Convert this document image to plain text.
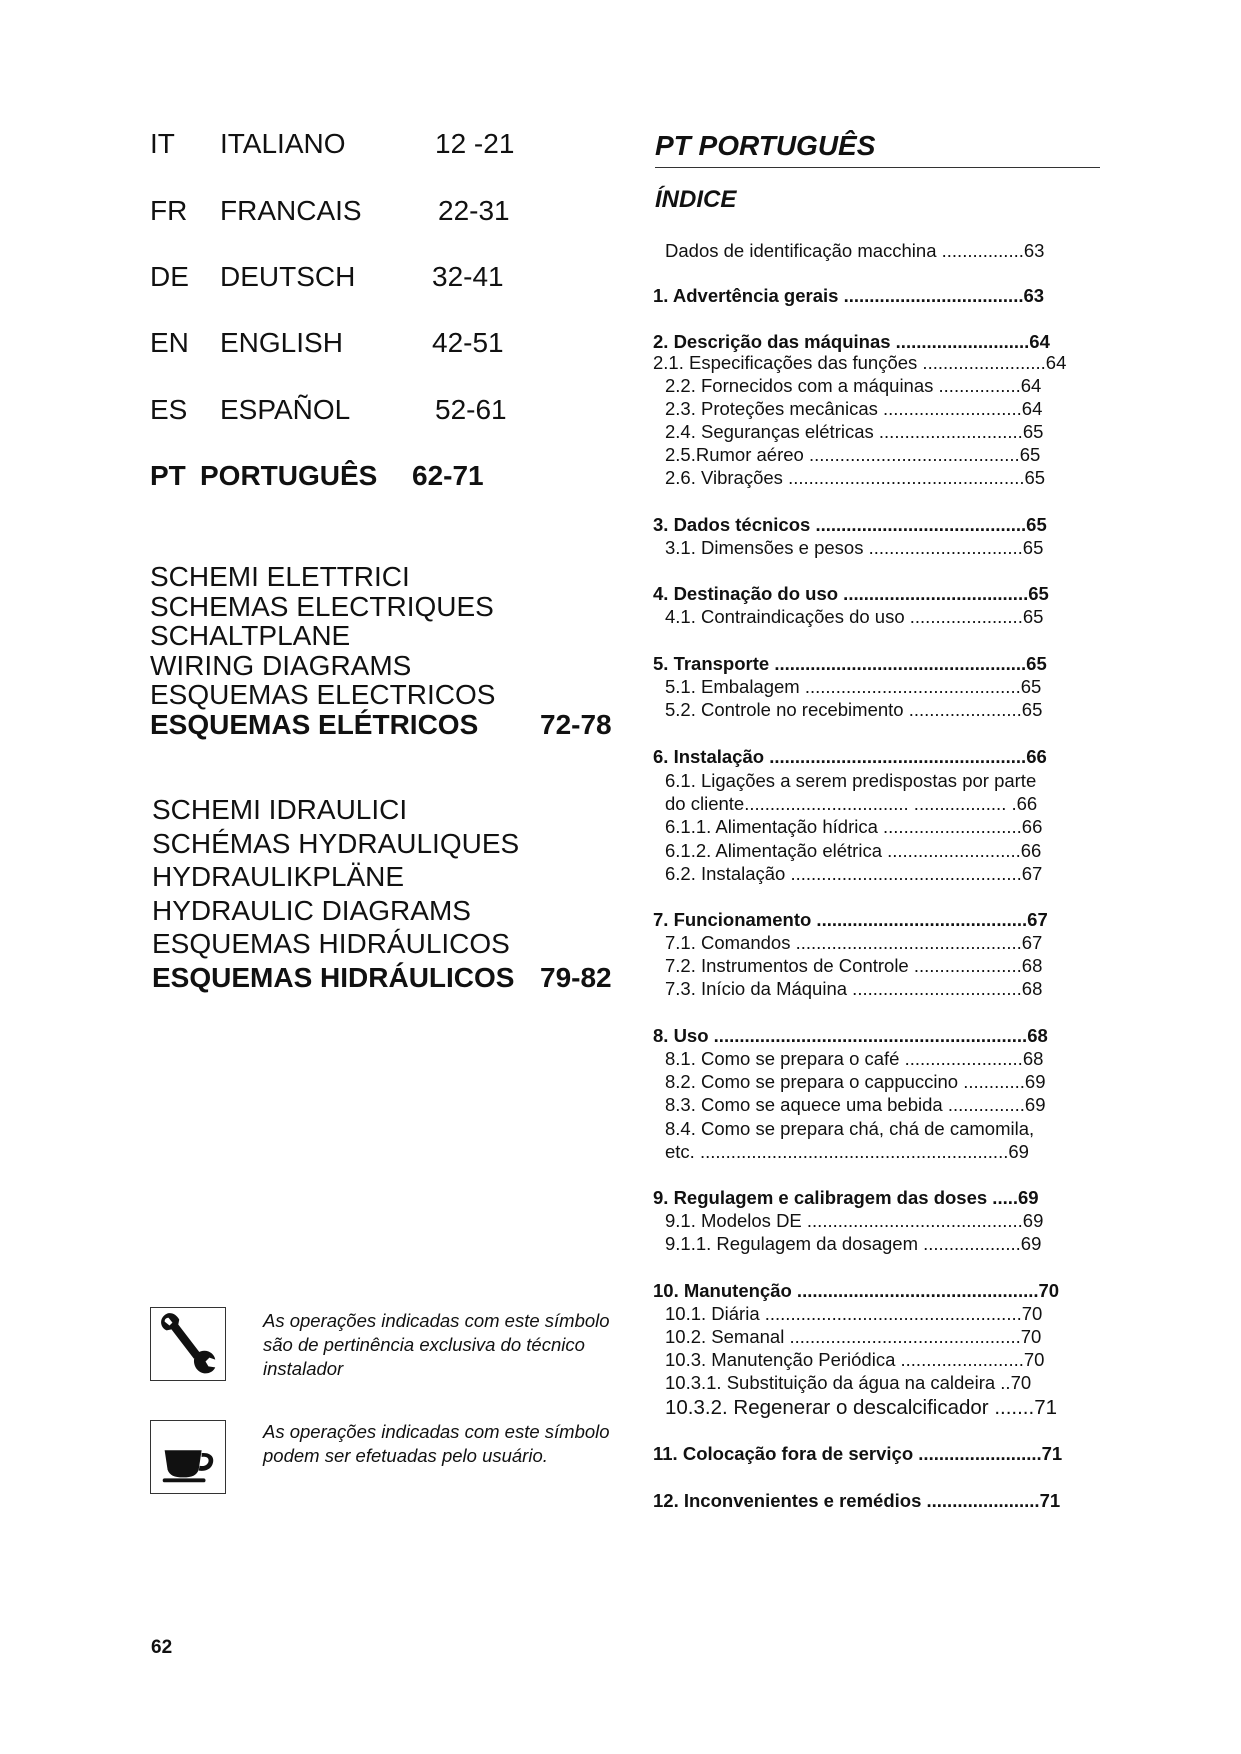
IT ITALIANO	12 -21
FR FRANCAIS	22-31
DE DEUTSCH	32-41
EN ENGLISH	42-51
ES ESPAÑOL	52-61
PT PORTUGUÊS 62-71
SCHEMI ELETTRICI
SCHEMAS ELECTRIQUES
SCHALTPLANE
WIRING DIAGRAMS
ESQUEMAS ELECTRICOS
ESQUEMAS ELÉTRICOS 72-78
SCHEMI IDRAULICI
SCHÉMAS HYDRAULIQUES
HYDRAULIKPLÄNE
HYDRAULIC DIAGRAMS
ESQUEMAS HIDRÁULICOS
ESQUEMAS HIDRÁULICOS 79-82
As operações indicadas com este símbolo
são de pertinência exclusiva do técnico
instalador
As operações indicadas com este símbolo
podem ser efetuadas pelo usuário.
PT PORTUGUÊS
ÍNDICE
Dados de identificação macchina ................63
1. Advertência gerais ...................................63
2. Descrição das máquinas ..........................64
2.1. Especificações das funções ........................64
2.2. Fornecidos com a máquinas ................64
2.3. Proteções mecânicas ...........................64
2.4. Seguranças elétricas ............................65
2.5.Rumor aéreo .........................................65
2.6. Vibrações ..............................................65
3. Dados técnicos .........................................65
3.1. Dimensões e pesos ..............................65
4. Destinação do uso ....................................65
4.1. Contraindicações do uso ......................65
5. Transporte .................................................65
5.1. Embalagem ..........................................65
5.2. Controle no recebimento ......................65
6. Instalação ..................................................66
6.1. Ligações a serem predispostas por parte
do cliente................................ .................. .66
6.1.1. Alimentação hídrica ...........................66
6.1.2. Alimentação elétrica ..........................66
6.2. Instalação .............................................67
7. Funcionamento .........................................67
7.1. Comandos ............................................67
7.2. Instrumentos de Controle .....................68
7.3. Início da Máquina .................................68
8. Uso .............................................................68
8.1. Como se prepara o café .......................68
8.2. Como se prepara o cappuccino ............69
8.3. Como se aquece uma bebida ...............69
8.4. Como se prepara chá, chá de camomila,
etc. ............................................................69
9. Regulagem e calibragem das doses .....69
9.1. Modelos DE ..........................................69
9.1.1. Regulagem da dosagem ...................69
10. Manutenção ...............................................70
10.1. Diária ..................................................70
10.2. Semanal .............................................70
10.3. Manutenção Periódica ........................70
10.3.1. Substituição da água na caldeira ..70
10.3.2. Regenerar o descalcificador .......71
11. Colocação fora de serviço ........................71
12. Inconvenientes e remédios ......................71
62
